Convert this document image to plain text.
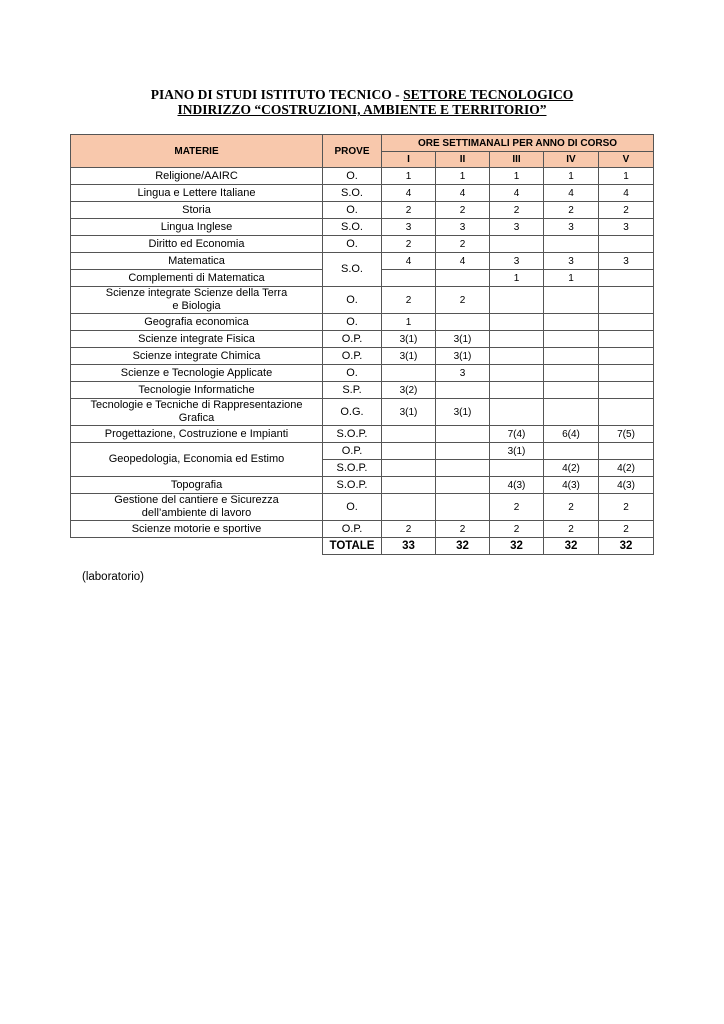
PIANO DI STUDI ISTITUTO TECNICO - SETTORE TECNOLOGICO
INDIRIZZO “COSTRUZIONI, AMBIENTE E TERRITORIO”
MATERIE	PROVE	ORE SETTIMANALI PER ANNO DI CORSO				
		I	II	III	IV	V
Religione/AAIRC	O.	1	1	1	1	1
Lingua e Lettere Italiane	S.O.	4	4	4	4	4
Storia	O.	2	2	2	2	2
Lingua Inglese	S.O.	3	3	3	3	3
Diritto ed Economia	O.	2	2			
Matematica	S.O.	4	4	3	3	3
Complementi di Matematica				1	1	
Scienze integrate Scienze della Terra
e Biologia	O.	2	2			
Geografia economica	O.	1				
Scienze integrate Fisica	O.P.	3(1)	3(1)			
Scienze integrate Chimica	O.P.	3(1)	3(1)			
Scienze e Tecnologie Applicate	O.		3			
Tecnologie Informatiche	S.P.	3(2)				
Tecnologie e Tecniche di Rappresentazione
Grafica	O.G.	3(1)	3(1)			
Progettazione, Costruzione e Impianti	S.O.P.			7(4)	6(4)	7(5)
Geopedologia, Economia ed Estimo	O.P.			3(1)		
	S.O.P.				4(2)	4(2)
Topografia	S.O.P.			4(3)	4(3)	4(3)
Gestione del cantiere e Sicurezza
dell’ambiente di lavoro	O.			2	2	2
Scienze motorie e sportive	O.P.	2	2	2	2	2
	TOTALE	33	32	32	32	32
(laboratorio)
